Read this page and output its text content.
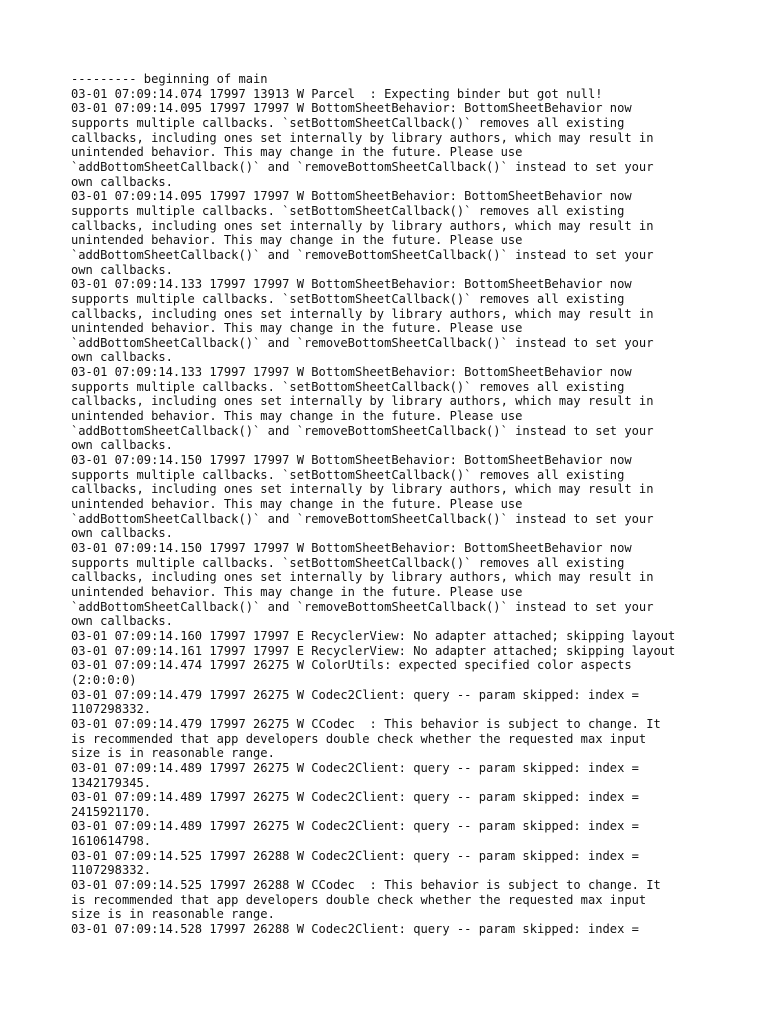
--------- beginning of main
03-01 07:09:14.074 17997 13913 W Parcel  : Expecting binder but got null!
03-01 07:09:14.095 17997 17997 W BottomSheetBehavior: BottomSheetBehavior now
supports multiple callbacks. `setBottomSheetCallback()` removes all existing
callbacks, including ones set internally by library authors, which may result in
unintended behavior. This may change in the future. Please use
`addBottomSheetCallback()` and `removeBottomSheetCallback()` instead to set your
own callbacks.
03-01 07:09:14.095 17997 17997 W BottomSheetBehavior: BottomSheetBehavior now
supports multiple callbacks. `setBottomSheetCallback()` removes all existing
callbacks, including ones set internally by library authors, which may result in
unintended behavior. This may change in the future. Please use
`addBottomSheetCallback()` and `removeBottomSheetCallback()` instead to set your
own callbacks.
03-01 07:09:14.133 17997 17997 W BottomSheetBehavior: BottomSheetBehavior now
supports multiple callbacks. `setBottomSheetCallback()` removes all existing
callbacks, including ones set internally by library authors, which may result in
unintended behavior. This may change in the future. Please use
`addBottomSheetCallback()` and `removeBottomSheetCallback()` instead to set your
own callbacks.
03-01 07:09:14.133 17997 17997 W BottomSheetBehavior: BottomSheetBehavior now
supports multiple callbacks. `setBottomSheetCallback()` removes all existing
callbacks, including ones set internally by library authors, which may result in
unintended behavior. This may change in the future. Please use
`addBottomSheetCallback()` and `removeBottomSheetCallback()` instead to set your
own callbacks.
03-01 07:09:14.150 17997 17997 W BottomSheetBehavior: BottomSheetBehavior now
supports multiple callbacks. `setBottomSheetCallback()` removes all existing
callbacks, including ones set internally by library authors, which may result in
unintended behavior. This may change in the future. Please use
`addBottomSheetCallback()` and `removeBottomSheetCallback()` instead to set your
own callbacks.
03-01 07:09:14.150 17997 17997 W BottomSheetBehavior: BottomSheetBehavior now
supports multiple callbacks. `setBottomSheetCallback()` removes all existing
callbacks, including ones set internally by library authors, which may result in
unintended behavior. This may change in the future. Please use
`addBottomSheetCallback()` and `removeBottomSheetCallback()` instead to set your
own callbacks.
03-01 07:09:14.160 17997 17997 E RecyclerView: No adapter attached; skipping layout
03-01 07:09:14.161 17997 17997 E RecyclerView: No adapter attached; skipping layout
03-01 07:09:14.474 17997 26275 W ColorUtils: expected specified color aspects
(2:0:0:0)
03-01 07:09:14.479 17997 26275 W Codec2Client: query -- param skipped: index =
1107298332.
03-01 07:09:14.479 17997 26275 W CCodec  : This behavior is subject to change. It
is recommended that app developers double check whether the requested max input
size is in reasonable range.
03-01 07:09:14.489 17997 26275 W Codec2Client: query -- param skipped: index =
1342179345.
03-01 07:09:14.489 17997 26275 W Codec2Client: query -- param skipped: index =
2415921170.
03-01 07:09:14.489 17997 26275 W Codec2Client: query -- param skipped: index =
1610614798.
03-01 07:09:14.525 17997 26288 W Codec2Client: query -- param skipped: index =
1107298332.
03-01 07:09:14.525 17997 26288 W CCodec  : This behavior is subject to change. It
is recommended that app developers double check whether the requested max input
size is in reasonable range.
03-01 07:09:14.528 17997 26288 W Codec2Client: query -- param skipped: index =
